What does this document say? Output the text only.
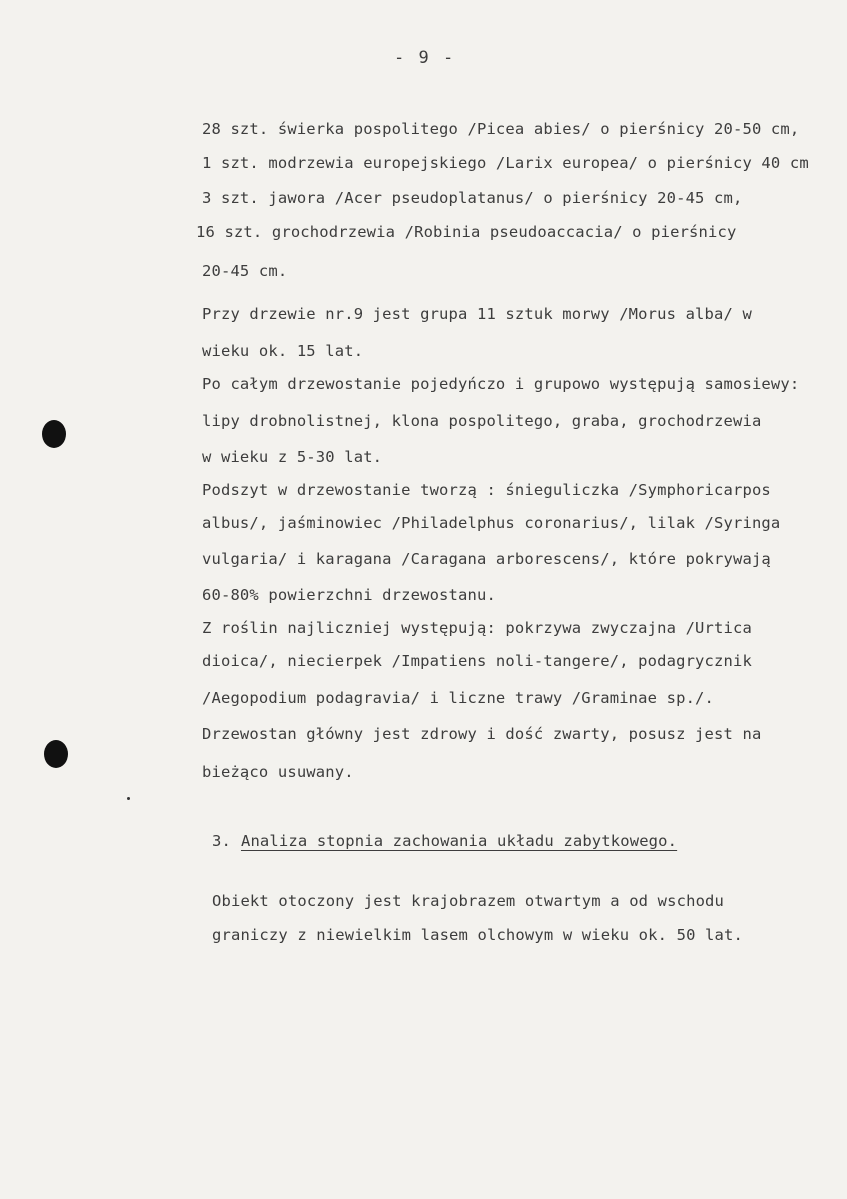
- 9 -
28 szt. świerka pospolitego /Picea abies/ o pierśnicy 20-50 cm,
1 szt. modrzewia europejskiego /Larix europea/ o pierśnicy 40 cm
3 szt. jawora /Acer pseudoplatanus/ o pierśnicy 20-45 cm,
16 szt. grochodrzewia /Robinia pseudoaccacia/ o pierśnicy
20-45 cm.
Przy drzewie nr.9 jest grupa 11 sztuk morwy /Morus alba/ w
wieku ok. 15 lat.
Po całym drzewostanie pojedyńczo i grupowo występują samosiewy:
lipy drobnolistnej, klona pospolitego, graba, grochodrzewia
w wieku z 5-30 lat.
Podszyt w drzewostanie tworzą : śnieguliczka /Symphoricarpos
albus/, jaśminowiec /Philadelphus coronarius/, lilak /Syringa
vulgaria/ i karagana /Caragana arborescens/, które pokrywają
60-80% powierzchni drzewostanu.
Z roślin najliczniej występują: pokrzywa zwyczajna /Urtica
dioica/, niecierpek /Impatiens noli-tangere/, podagrycznik
/Aegopodium podagravia/ i liczne trawy /Graminae sp./.
Drzewostan główny jest zdrowy i dość zwarty, posusz jest na
bieżąco usuwany.
3. Analiza stopnia zachowania układu zabytkowego.
Obiekt otoczony jest krajobrazem otwartym a od wschodu
graniczy z niewielkim lasem olchowym w wieku ok. 50 lat.
